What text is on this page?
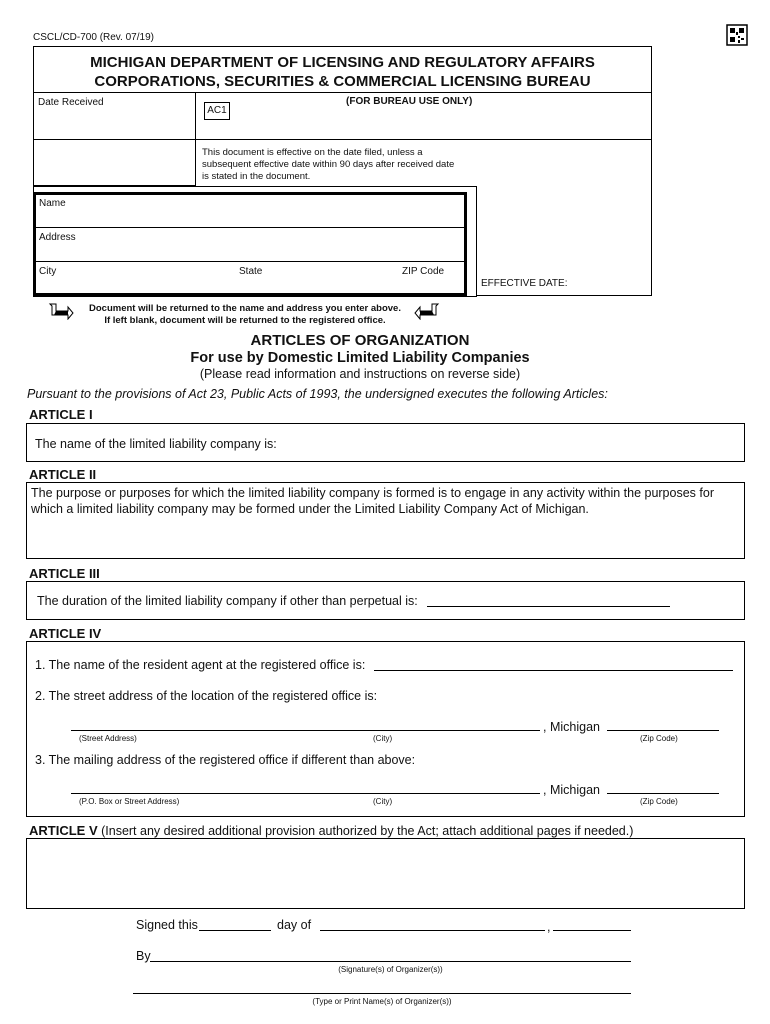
CSCL/CD-700 (Rev. 07/19)
MICHIGAN DEPARTMENT OF LICENSING AND REGULATORY AFFAIRS
CORPORATIONS, SECURITIES & COMMERCIAL LICENSING BUREAU
Date Received
AC1
(FOR BUREAU USE ONLY)
This document is effective on the date filed, unless a subsequent effective date within 90 days after received date is stated in the document.
EFFECTIVE DATE:
Name
Address
City	State	ZIP Code
Document will be returned to the name and address you enter above.
If left blank, document will be returned to the registered office.
ARTICLES OF ORGANIZATION
For use by Domestic Limited Liability Companies
(Please read information and instructions on reverse side)
Pursuant to the provisions of Act 23, Public Acts of 1993, the undersigned executes the following Articles:
ARTICLE I
The name of the limited liability company is:
ARTICLE II
The purpose or purposes for which the limited liability company is formed is to engage in any activity within the purposes for which a limited liability company may be formed under the Limited Liability Company Act of Michigan.
ARTICLE III
The duration of the limited liability company if other than perpetual is:
ARTICLE IV
1. The name of the resident agent at the registered office is:
2. The street address of the location of the registered office is:
, Michigan
(Street Address)	(City)	(Zip Code)
3. The mailing address of the registered office if different than above:
, Michigan
(P.O. Box or Street Address)	(City)	(Zip Code)
ARTICLE V (Insert any desired additional provision authorized by the Act; attach additional pages if needed.)
Signed this	day of	,
By
(Signature(s) of Organizer(s))
(Type or Print Name(s) of Organizer(s))
